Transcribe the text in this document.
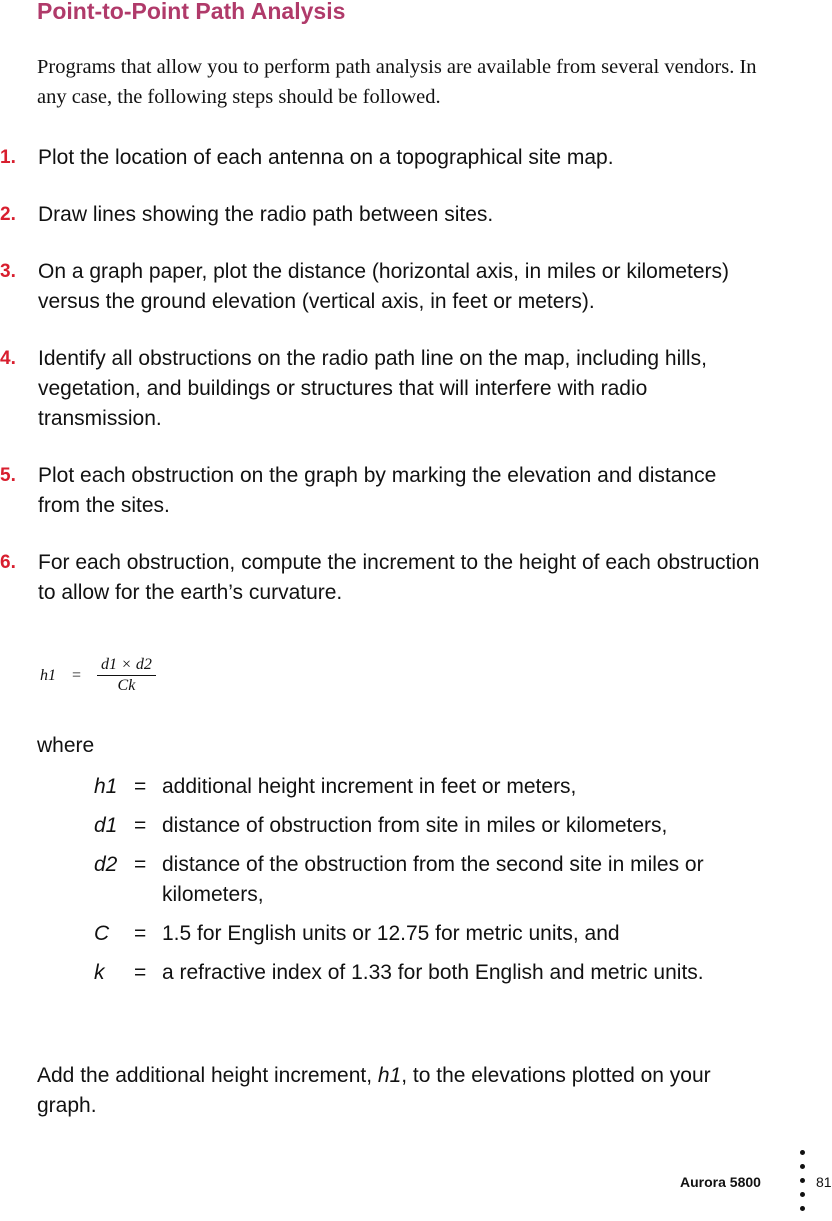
Point-to-Point Path Analysis

Programs that allow you to perform path analysis are available from several vendors. In any case, the following steps should be followed.

1. Plot the location of each antenna on a topographical site map.
2. Draw lines showing the radio path between sites.
3. On a graph paper, plot the distance (horizontal axis, in miles or kilometers) versus the ground elevation (vertical axis, in feet or meters).
4. Identify all obstructions on the radio path line on the map, including hills, vegetation, and buildings or structures that will interfere with radio transmission.
5. Plot each obstruction on the graph by marking the elevation and distance from the sites.
6. For each obstruction, compute the increment to the height of each obstruction to allow for the earth’s curvature.
$h1 = \frac{d1 \times d2}{Ck}$
where
h1 = additional height increment in feet or meters,
d1 = distance of obstruction from site in miles or kilometers,
d2 = distance of the obstruction from the second site in miles or kilometers,
C	= 1.5 for English units or 12.75 for metric units, and
k	= a refractive index of 1.33 for both English and metric units.

Add the additional height increment, h1, to the elevations plotted on your graph.

Aurora 5800	81
